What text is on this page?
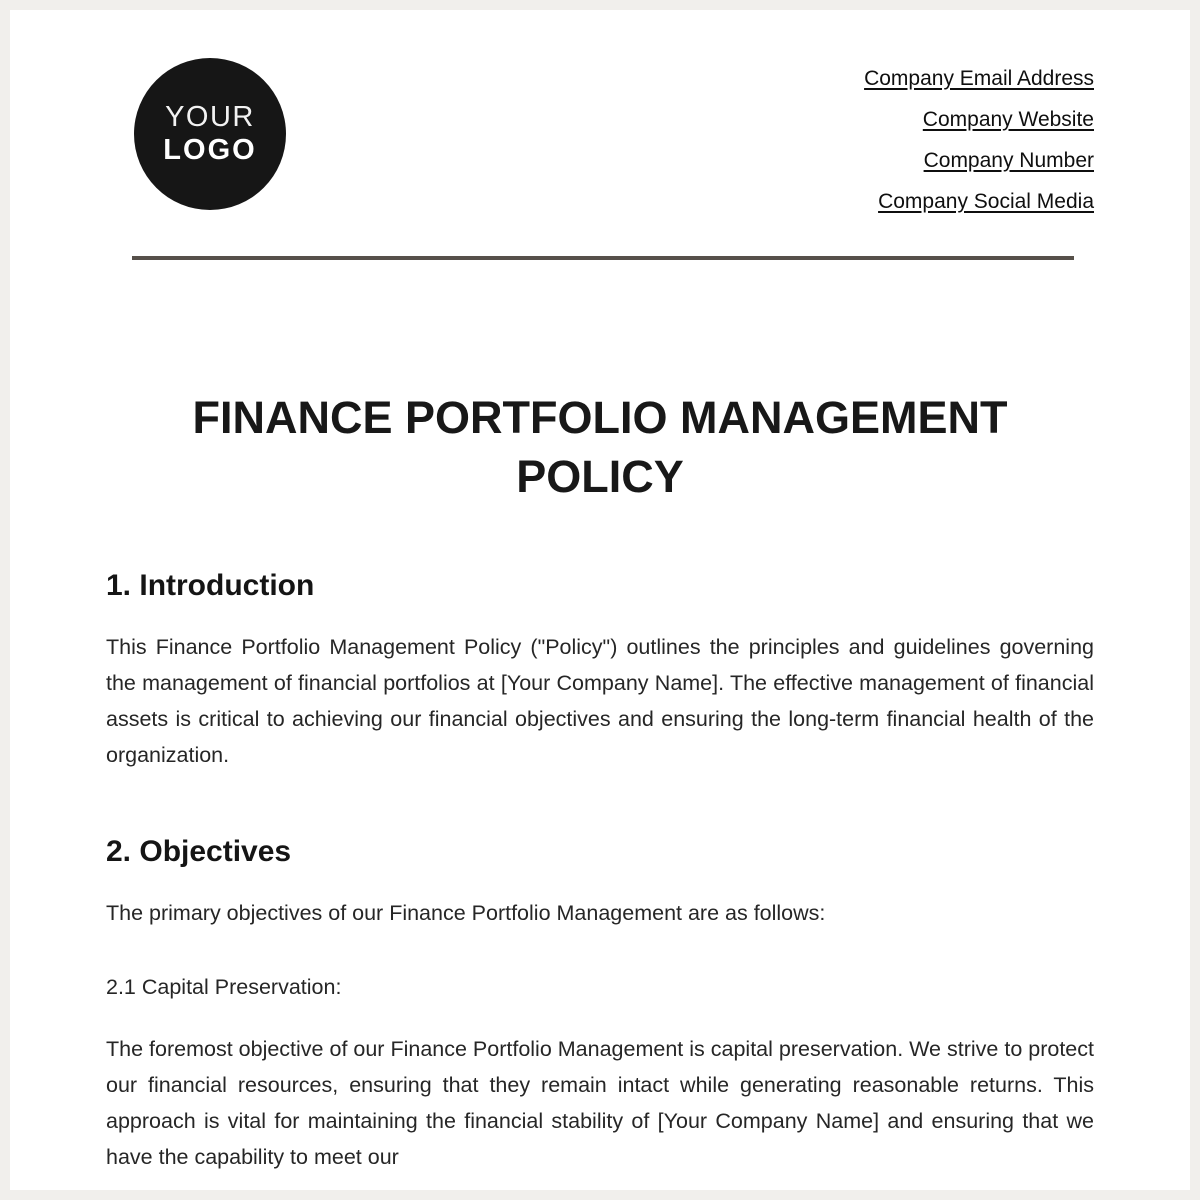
YOUR
LOGO
Company Email Address
Company Website
Company Number
Company Social Media
FINANCE PORTFOLIO MANAGEMENT POLICY
1. Introduction

This Finance Portfolio Management Policy ("Policy") outlines the principles and guidelines governing the management of financial portfolios at [Your Company Name]. The effective management of financial assets is critical to achieving our financial objectives and ensuring the long-term financial health of the organization.

2. Objectives

The primary objectives of our Finance Portfolio Management are as follows:

2.1 Capital Preservation:

The foremost objective of our Finance Portfolio Management is capital preservation. We strive to protect our financial resources, ensuring that they remain intact while generating reasonable returns. This approach is vital for maintaining the financial stability of [Your Company Name] and ensuring that we have the capability to meet our
